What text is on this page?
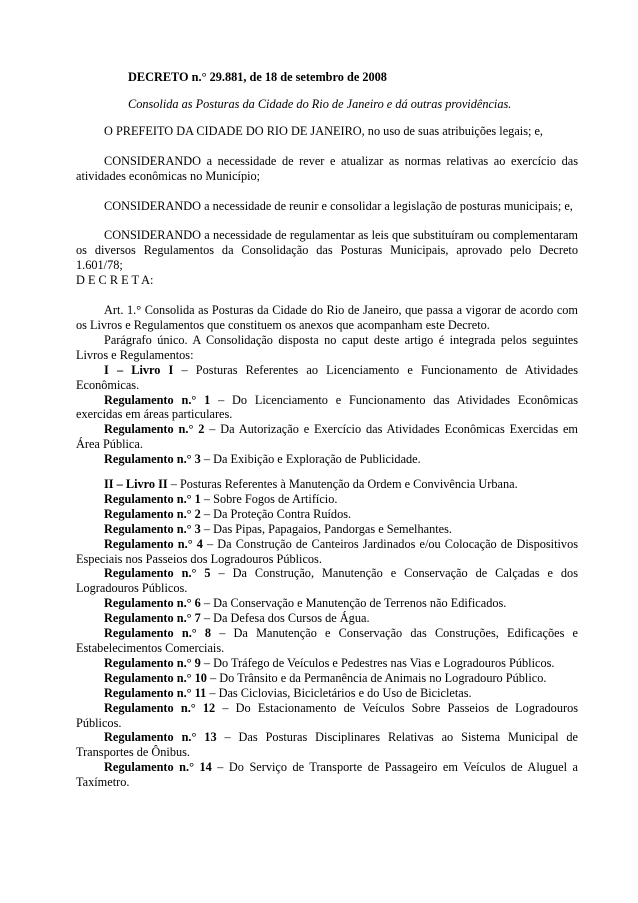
DECRETO n.° 29.881, de 18 de setembro de 2008

Consolida as Posturas da Cidade do Rio de Janeiro e dá outras providências.

O PREFEITO DA CIDADE DO RIO DE JANEIRO, no uso de suas atribuições legais; e,

CONSIDERANDO a necessidade de rever e atualizar as normas relativas ao exercício das atividades econômicas no Município;

CONSIDERANDO a necessidade de reunir e consolidar a legislação de posturas municipais; e,

CONSIDERANDO a necessidade de regulamentar as leis que substituíram ou complementaram os diversos Regulamentos da Consolidação das Posturas Municipais, aprovado pelo Decreto 1.601/78;

D E C R E T A:

Art. 1.° Consolida as Posturas da Cidade do Rio de Janeiro, que passa a vigorar de acordo com os Livros e Regulamentos que constituem os anexos que acompanham este Decreto.

Parágrafo único. A Consolidação disposta no caput deste artigo é integrada pelos seguintes Livros e Regulamentos:

I – Livro I – Posturas Referentes ao Licenciamento e Funcionamento de Atividades Econômicas.

Regulamento n.° 1 – Do Licenciamento e Funcionamento das Atividades Econômicas exercidas em áreas particulares.

Regulamento n.° 2 – Da Autorização e Exercício das Atividades Econômicas Exercidas em Área Pública.

Regulamento n.° 3 – Da Exibição e Exploração de Publicidade.

II – Livro II – Posturas Referentes à Manutenção da Ordem e Convivência Urbana.

Regulamento n.° 1 – Sobre Fogos de Artifício.

Regulamento n.° 2 – Da Proteção Contra Ruídos.

Regulamento n.° 3 – Das Pipas, Papagaios, Pandorgas e Semelhantes.

Regulamento n.° 4 – Da Construção de Canteiros Jardinados e/ou Colocação de Dispositivos Especiais nos Passeios dos Logradouros Públicos.

Regulamento n.° 5 – Da Construção, Manutenção e Conservação de Calçadas e dos Logradouros Públicos.

Regulamento n.° 6 – Da Conservação e Manutenção de Terrenos não Edificados.

Regulamento n.° 7 – Da Defesa dos Cursos de Água.

Regulamento n.° 8 – Da Manutenção e Conservação das Construções, Edificações e Estabelecimentos Comerciais.

Regulamento n.° 9 – Do Tráfego de Veículos e Pedestres nas Vias e Logradouros Públicos.

Regulamento n.° 10 – Do Trânsito e da Permanência de Animais no Logradouro Público.

Regulamento n.° 11 – Das Ciclovias, Bicicletários e do Uso de Bicicletas.

Regulamento n.° 12 – Do Estacionamento de Veículos Sobre Passeios de Logradouros Públicos.

Regulamento n.° 13 – Das Posturas Disciplinares Relativas ao Sistema Municipal de Transportes de Ônibus.

Regulamento n.° 14 – Do Serviço de Transporte de Passageiro em Veículos de Aluguel a Taxímetro.
